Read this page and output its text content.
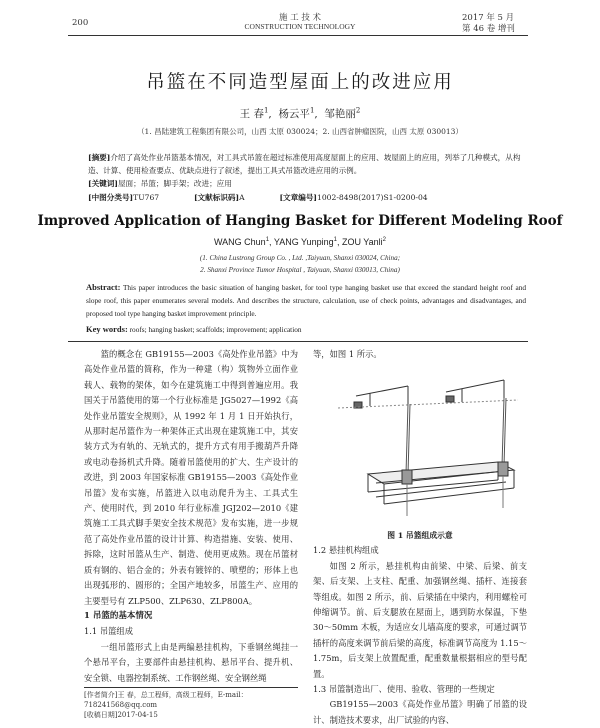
200	施 工 技 术
CONSTRUCTION TECHNOLOGY
2017 年 5 月
第 46 卷 增刊
吊篮在不同造型屋面上的改进应用
王 春$^1$,  杨云平$^1$,  邹艳丽$^2$
（1. 昌陆建筑工程集团有限公司，山西 太原 030024；2. 山西省肿瘤医院，山西 太原 030013）
[摘要]介绍了高处作业吊篮基本情况，对工具式吊篮在超过标准使用高度屋面上的应用、坡屋面上的应用，列举了几种模式，从构造、计算、使用检查要点、优缺点进行了叙述，提出工具式吊篮改进应用的示例。
[关键词]屋面；吊篮；脚手架；改进；应用
[中图分类号]TU767	[文献标识码]A	[文章编号]1002-8498(2017)S1-0200-04
Improved Application of Hanging Basket for Different Modeling Roof
WANG Chun$^1$, YANG Yunping$^1$, ZOU Yanli$^2$
(1. China Lustrong Group Co. , Ltd. ,Taiyuan, Shanxi 030024, China;
2. Shanxi Province Tumor Hospital , Taiyuan, Shanxi 030013, China)
Abstract: This paper introduces the basic situation of hanging basket, for tool type hanging basket use that exceed the standard height roof and slope roof, this paper enumerates several models. And describes the structure, calculation, use of check points, advantages and disadvantages, and proposed tool type hanging basket improvement principle.
Key words: roofs; hanging basket; scaffolds; improvement; application

篮的概念在 GB19155—2003《高处作业吊篮》中为高处作业吊篮的简称，作为一种建（构）筑物外立面作业载人、载物的架体，如今在建筑施工中得到普遍应用。我国关于吊篮使用的第一个行业标准是 JG5027—1992《高处作业吊篮安全规则》，从 1992 年 1 月 1 日开始执行，从那时起吊篮作为一种架体正式出现在建筑施工中，其安装方式为有轨的、无轨式的，提升方式有用手搬葫芦升降或电动卷扬机式升降。随着吊篮使用的扩大、生产设计的改进，到 2003 年国家标准 GB19155—2003《高处作业吊篮》发布实施，吊篮进入以电动爬升为主、工具式生产、使用时代，到 2010 年行业标准 JGJ202—2010《建筑施工工具式脚手架安全技术规范》发布实施，进一步规范了高处作业吊篮的设计计算、构造措施、安装、使用、拆除，这时吊篮从生产、制造、使用更成熟。现在吊篮材质有钢的、铝合金的；外表有镀锌的、喷塑的；形体上也出现弧形的、圆形的；全国产地较多，吊篮生产、应用的主要型号有 ZLP500、ZLP630、ZLP800A。

1 吊篮的基本情况

1.1 吊篮组成

一组吊篮形式上由是两编悬挂机构，下垂钢丝绳挂一个悬吊平台，主要部件由悬挂机构、悬吊平台、提升机、安全锁、电器控制系统、工作钢丝绳、安全钢丝绳

[作者简介]王 春，总工程师，高级工程师，E-mail：718241568@qq.com
[收稿日期]2017-04-15

等，如图 1 所示。

图 1 吊篮组成示意

1.2 悬挂机构组成

如图 2 所示，悬挂机构由前梁、中梁、后梁、前支架、后支架、上支柱、配重、加强钢丝绳、插杆、连接套等组成。如图 2 所示，前、后梁插在中梁内，利用螺栓可伸缩调节。前、后支腿放在屋面上，遇到防水保温，下垫 30～50mm 木板，为适应女儿墙高度的要求，可通过调节插杆的高度来调节前后梁的高度，标准调节高度为 1.15～1.75m，后支架上放置配重，配重数量根据相应的型号配置。

1.3 吊篮制造出厂、使用、验收、管理的一些规定

GB19155—2003《高处作业吊篮》明确了吊篮的设计、制造技术要求，出厂试验的内容、
